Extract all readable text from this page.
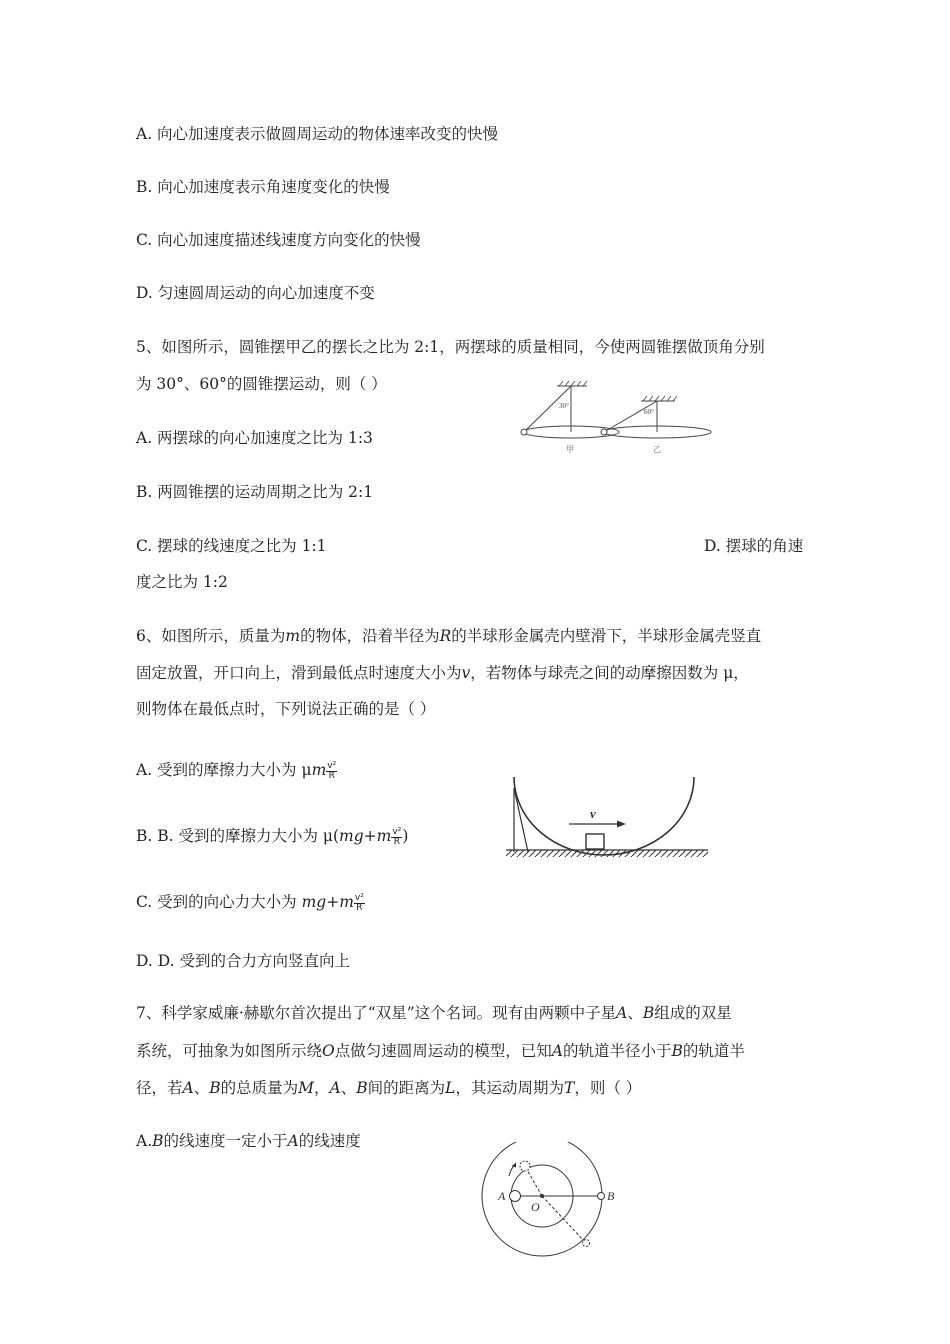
A. 向心加速度表示做圆周运动的物体速率改变的快慢
B. 向心加速度表示角速度变化的快慢
C. 向心加速度描述线速度方向变化的快慢
D. 匀速圆周运动的向心加速度不变
5、如图所示，圆锥摆甲乙的摆长之比为 2:1，两摆球的质量相同，今使两圆锥摆做顶角分别
为 30°、60°的圆锥摆运动，则（ ）
30°
甲
60°
乙
A. 两摆球的向心加速度之比为 1:3
B. 两圆锥摆的运动周期之比为 2:1
C. 摆球的线速度之比为 1:1	D. 摆球的角速
度之比为 1:2
6、如图所示，质量为m的物体，沿着半径为R的半球形金属壳内壁滑下，半球形金属壳竖直
固定放置，开口向上，滑到最低点时速度大小为v，若物体与球壳之间的动摩擦因数为 μ，
则物体在最低点时，下列说法正确的是（ ）
A. 受到的摩擦力大小为 μm $\frac{\text{v²}}{R}$
B. B. 受到的摩擦力大小为 $\mu(mg+m \frac{\text{v²}}{R}$ )
C. 受到的向心力大小为 $mg+m \frac{\text{v²}}{R}$
D. D. 受到的合力方向竖直向上
v
7、科学家威廉·赫歇尔首次提出了“双星”这个名词。现有由两颗中子星A、B组成的双星
系统，可抽象为如图所示绕O点做匀速圆周运动的模型，已知A的轨道半径小于B的轨道半
径，若A、B的总质量为M，A、B间的距离为L，其运动周期为T，则（ ）
A.B的线速度一定小于A的线速度
A	B
O
